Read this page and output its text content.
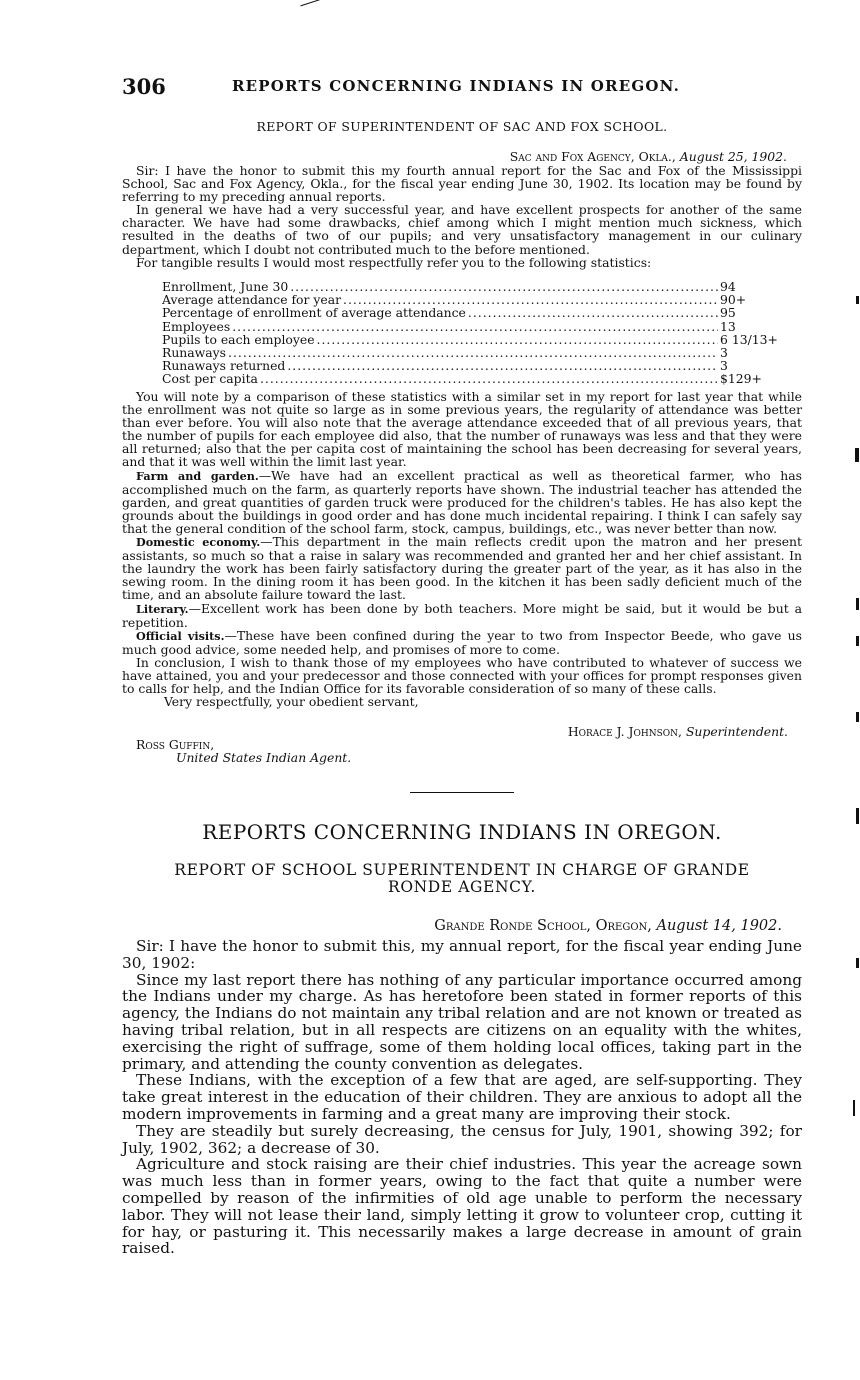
306	REPORTS CONCERNING INDIANS IN OREGON.
REPORT OF SUPERINTENDENT OF SAC AND FOX SCHOOL.
Sac and Fox Agency, Okla., August 25, 1902.

Sir: I have the honor to submit this my fourth annual report for the Sac and Fox of the Mississippi School, Sac and Fox Agency, Okla., for the fiscal year ending June 30, 1902. Its location may be found by referring to my preceding annual reports.

In general we have had a very successful year, and have excellent prospects for another of the same character. We have had some drawbacks, chief among which I might mention much sickness, which resulted in the deaths of two of our pupils; and very unsatisfactory management in our culinary department, which I doubt not contributed much to the before mentioned.

For tangible results I would most respectfully refer you to the following statistics:

Enrollment, June 30 .....	94
Average attendance for year .....	90+
Percentage of enrollment of average attendance .....	95
Employees .....	13
Pupils to each employee .....	6 13/13+
Runaways .....	3
Runaways returned .....	3
Cost per capita .....	$129+

You will note by a comparison of these statistics with a similar set in my report for last year that while the enrollment was not quite so large as in some previous years, the regularity of attendance was better than ever before. You will also note that the average attendance exceeded that of all previous years, that the number of pupils for each employee did also, that the number of runaways was less and that they were all returned; also that the per capita cost of maintaining the school has been decreasing for several years, and that it was well within the limit last year.

Farm and garden.—We have had an excellent practical as well as theoretical farmer, who has accomplished much on the farm, as quarterly reports have shown. The industrial teacher has attended the garden, and great quantities of garden truck were produced for the children's tables. He has also kept the grounds about the buildings in good order and has done much incidental repairing. I think I can safely say that the general condition of the school farm, stock, campus, buildings, etc., was never better than now.

Domestic economy.—This department in the main reflects credit upon the matron and her present assistants, so much so that a raise in salary was recommended and granted her and her chief assistant. In the laundry the work has been fairly satisfactory during the greater part of the year, as it has also in the sewing room. In the dining room it has been good. In the kitchen it has been sadly deficient much of the time, and an absolute failure toward the last.

Literary.—Excellent work has been done by both teachers. More might be said, but it would be but a repetition.

Official visits.—These have been confined during the year to two from Inspector Beede, who gave us much good advice, some needed help, and promises of more to come.

In conclusion, I wish to thank those of my employees who have contributed to whatever of success we have attained, you and your predecessor and those connected with your offices for prompt responses given to calls for help, and the Indian Office for its favorable consideration of so many of these calls.

Very respectfully, your obedient servant,

Horace J. Johnson, Superintendent.
Ross Guffin,
United States Indian Agent.
REPORTS CONCERNING INDIANS IN OREGON.
REPORT OF SCHOOL SUPERINTENDENT IN CHARGE OF GRANDE
RONDE AGENCY.
Grande Ronde School, Oregon, August 14, 1902.

Sir: I have the honor to submit this, my annual report, for the fiscal year ending June 30, 1902:

Since my last report there has nothing of any particular importance occurred among the Indians under my charge. As has heretofore been stated in former reports of this agency, the Indians do not maintain any tribal relation and are not known or treated as having tribal relation, but in all respects are citizens on an equality with the whites, exercising the right of suffrage, some of them holding local offices, taking part in the primary, and attending the county convention as delegates.

These Indians, with the exception of a few that are aged, are self-supporting. They take great interest in the education of their children. They are anxious to adopt all the modern improvements in farming and a great many are improving their stock.

They are steadily but surely decreasing, the census for July, 1901, showing 392; for July, 1902, 362; a decrease of 30.

Agriculture and stock raising are their chief industries. This year the acreage sown was much less than in former years, owing to the fact that quite a number were compelled by reason of the infirmities of old age unable to perform the necessary labor. They will not lease their land, simply letting it grow to volunteer crop, cutting it for hay, or pasturing it. This necessarily makes a large decrease in amount of grain raised.
